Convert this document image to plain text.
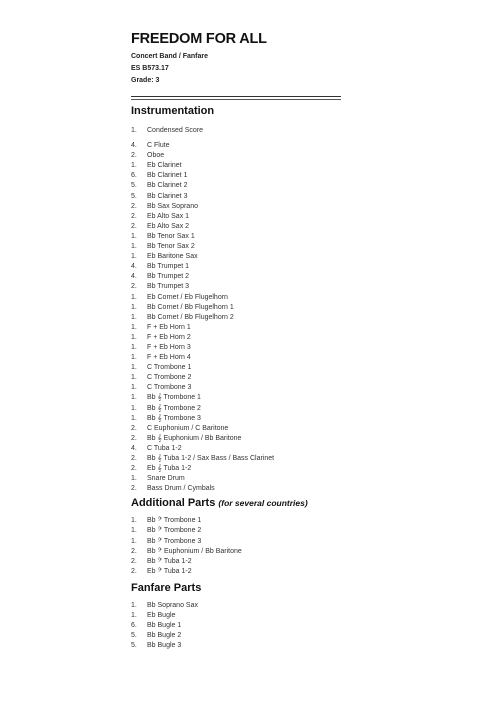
FREEDOM FOR ALL
Concert Band / Fanfare
ES B573.17
Grade: 3
Instrumentation
1.	Condensed Score
4.	C Flute
2.	Oboe
1.	Eb Clarinet
6.	Bb Clarinet 1
5.	Bb Clarinet 2
5.	Bb Clarinet 3
2.	Bb Sax Soprano
2.	Eb Alto Sax 1
2.	Eb Alto Sax 2
1.	Bb Tenor Sax 1
1.	Bb Tenor Sax 2
1.	Eb Baritone Sax
4.	Bb Trumpet 1
4.	Bb Trumpet 2
2.	Bb Trumpet 3
1.	Eb Cornet / Eb Flugelhorn
1.	Bb Cornet / Bb Flugelhorn 1
1.	Bb Cornet / Bb Flugelhorn 2
1.	F + Eb Horn 1
1.	F + Eb Horn 2
1.	F + Eb Horn 3
1.	F + Eb Horn 4
1.	C Trombone 1
1.	C Trombone 2
1.	C Trombone 3
1.	Bb 𝄞 Trombone 1
1.	Bb 𝄞 Trombone 2
1.	Bb 𝄞 Trombone 3
2.	C Euphonium / C Baritone
2.	Bb 𝄞 Euphonium / Bb Baritone
4.	C Tuba 1-2
2.	Bb 𝄞 Tuba 1-2 / Sax Bass / Bass Clarinet
2.	Eb 𝄞 Tuba 1-2
1.	Snare Drum
2.	Bass Drum / Cymbals
Additional Parts (for several countries)
1.	Bb 𝄢 Trombone 1
1.	Bb 𝄢 Trombone 2
1.	Bb 𝄢 Trombone 3
2.	Bb 𝄢 Euphonium / Bb Baritone
2.	Bb 𝄢 Tuba 1-2
2.	Eb 𝄢 Tuba 1-2
Fanfare Parts
1.	Bb Soprano Sax
1.	Eb Bugle
6.	Bb Bugle 1
5.	Bb Bugle 2
5.	Bb Bugle 3
